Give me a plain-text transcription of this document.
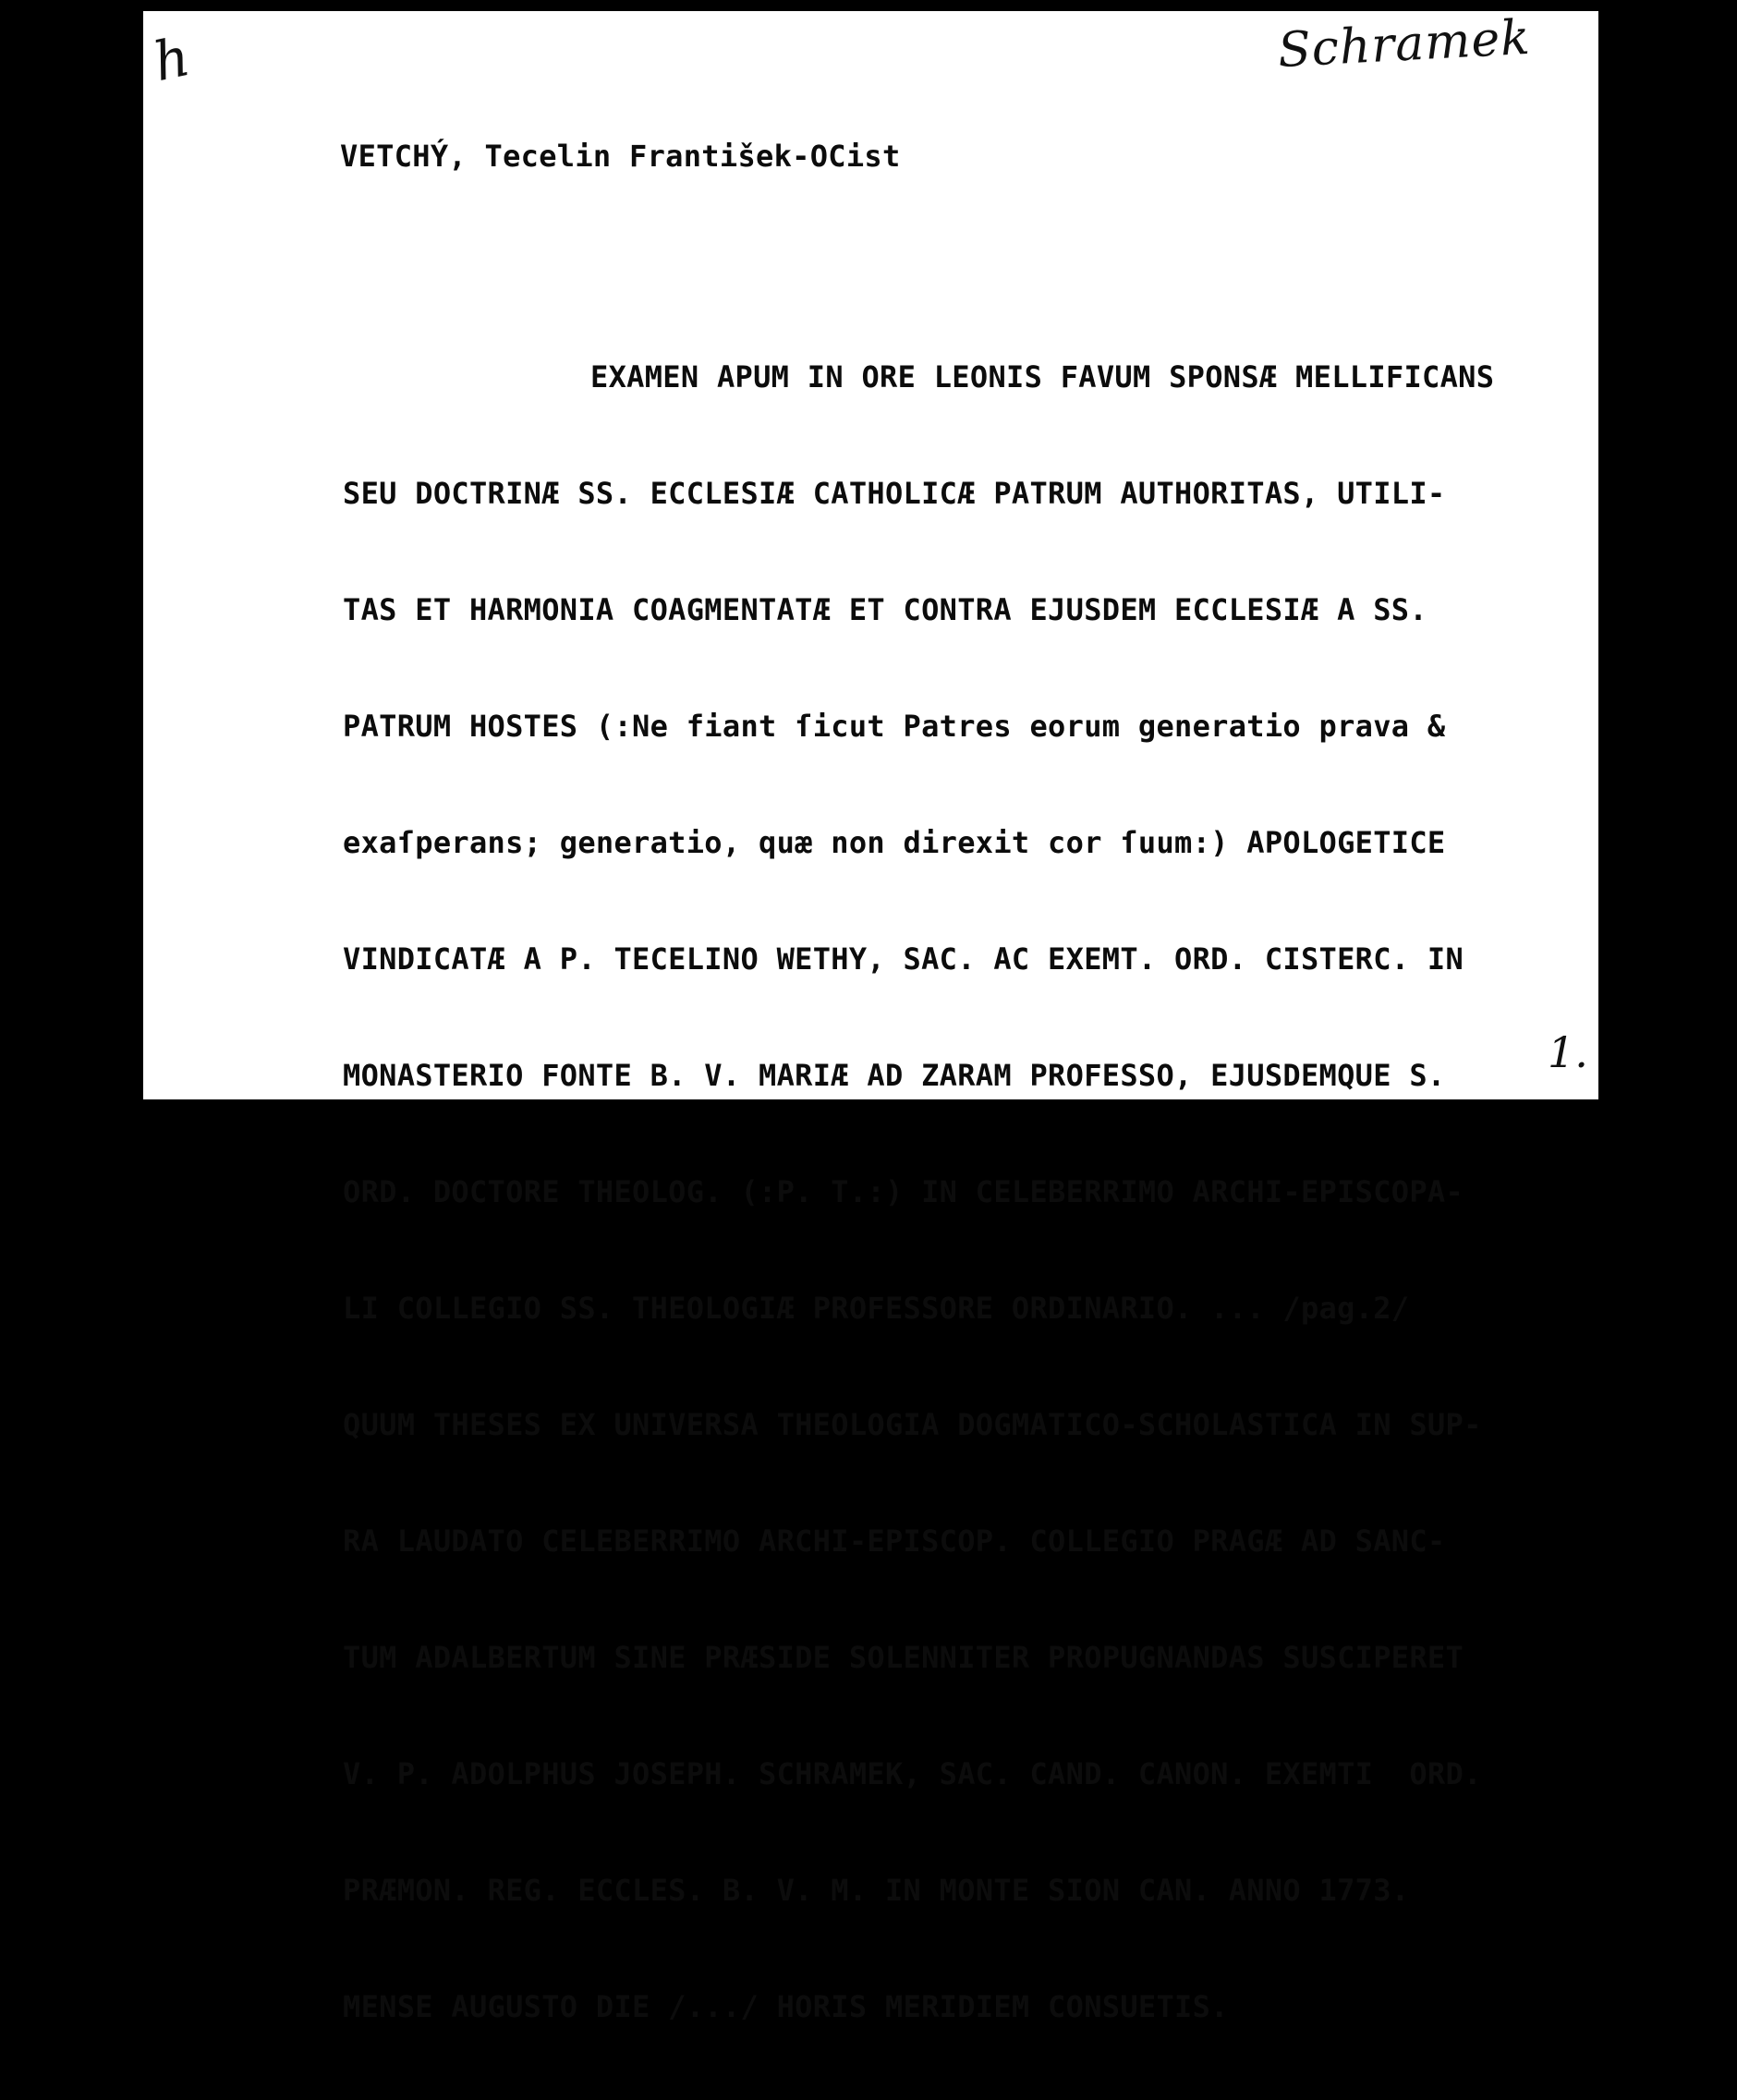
h	Schramek
VETCHÝ, Tecelin František-OCist

EXAMEN APUM IN ORE LEONIS FAVUM SPONSÆ MELLIFICANS

SEU DOCTRINÆ SS. ECCLESIÆ CATHOLICÆ PATRUM AUTHORITAS, UTILI-

TAS ET HARMONIA COAGMENTATÆ ET CONTRA EJUSDEM ECCLESIÆ A SS.

PATRUM HOSTES (:Ne fiant ſicut Patres eorum generatio prava &

exaſperans; generatio, quæ non direxit cor ſuum:) APOLOGETICE

VINDICATÆ A P. TECELINO WETHY, SAC. AC EXEMT. ORD. CISTERC. IN

MONASTERIO FONTE B. V. MARIÆ AD ZARAM PROFESSO, EJUSDEMQUE S.

ORD. DOCTORE THEOLOG. (:P. T.:) IN CELEBERRIMO ARCHI-EPISCOPA-

LI COLLEGIO SS. THEOLOGIÆ PROFESSORE ORDINARIO. ... /pag.2/

QUUM THESES EX UNIVERSA THEOLOGIA DOGMATICO-SCHOLASTICA IN SUP-

RA LAUDATO CELEBERRIMO ARCHI-EPISCOP. COLLEGIO PRAGÆ AD SANC-

TUM ADALBERTUM SINE PRÆSIDE SOLENNITER PROPUGNANDAS SUSCIPERET

V. P. ADOLPHUS JOSEPH. SCHRAMEK, SAC. CAND. CANON. EXEMTI  ORD.

PRÆMON. REG. ECCLES. B. V. M. IN MONTE SION CAN. ANNO 1773.

MENSE AUGUSTO DIE /.../ HORIS MERIDIEM CONSUETIS.

1.
